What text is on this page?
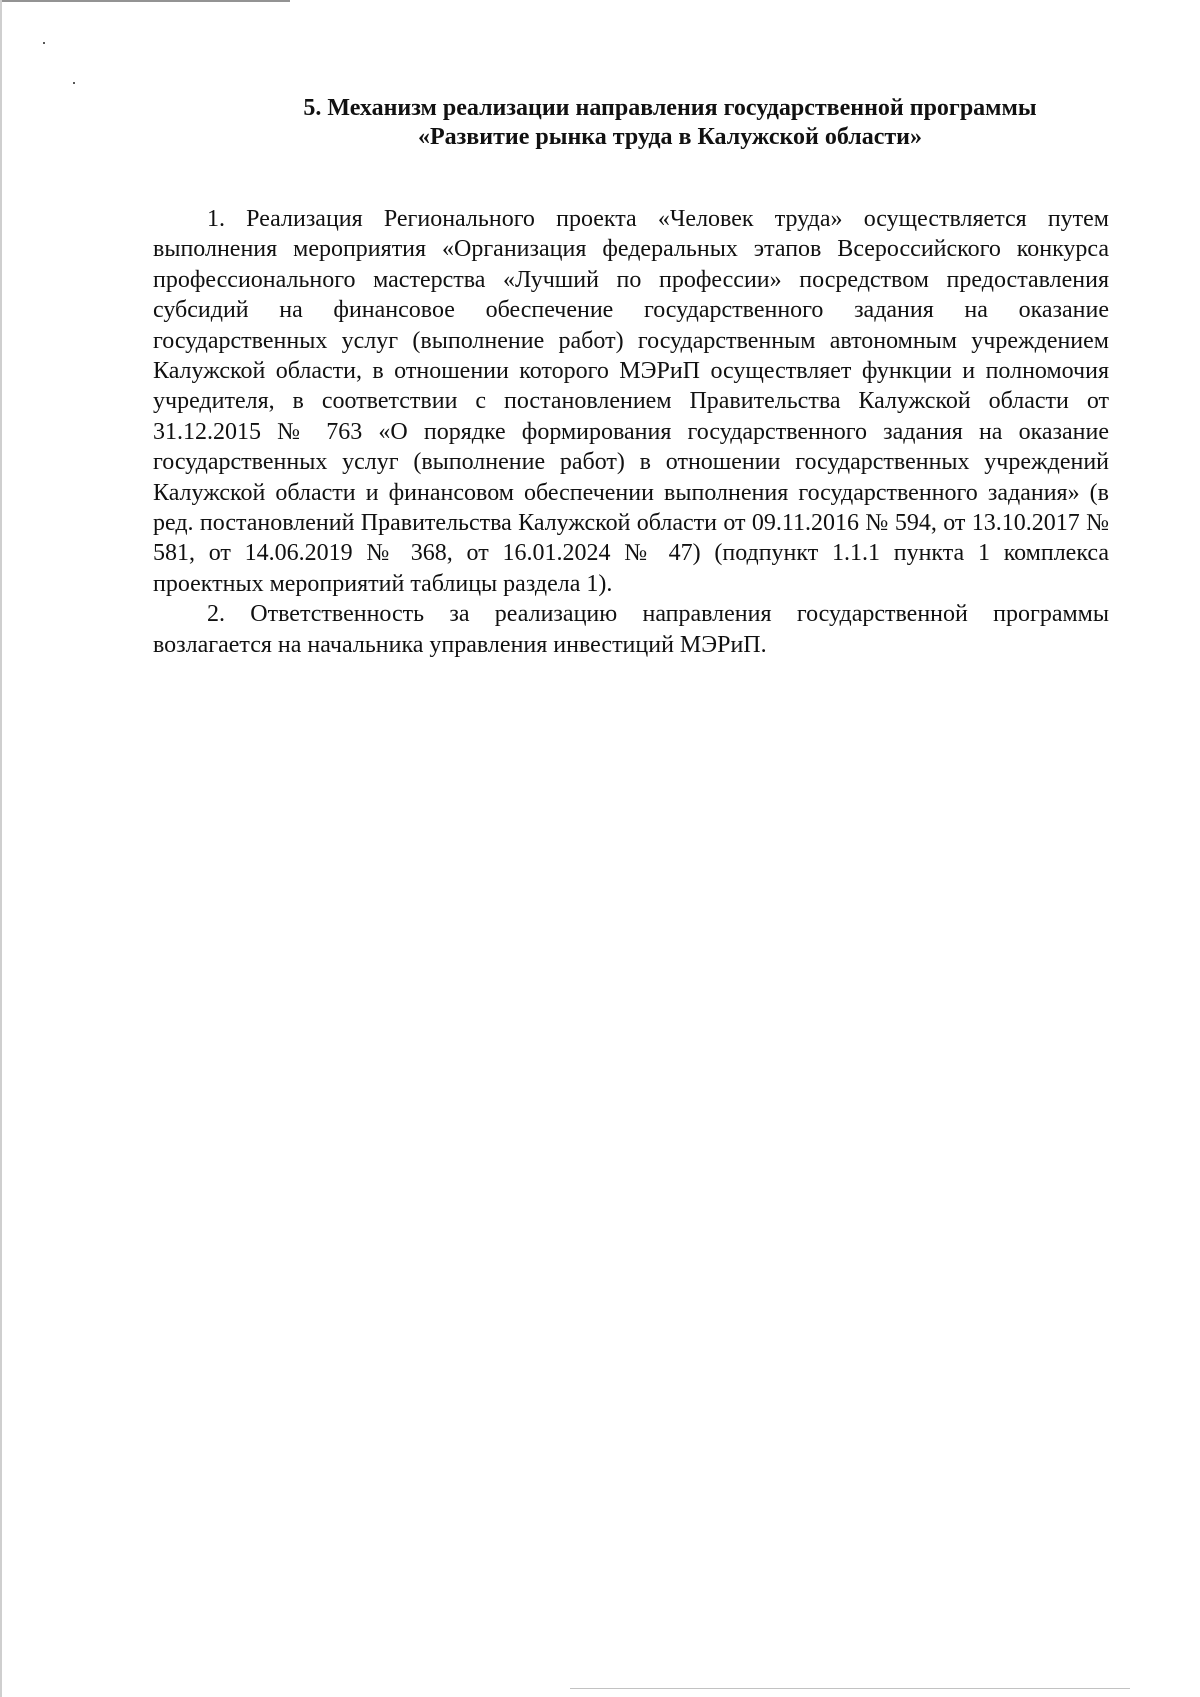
5. Механизм реализации направления государственной программы
«Развитие рынка труда в Калужской области»

1. Реализация Регионального проекта «Человек труда» осуществляется путем выполнения мероприятия «Организация федеральных этапов Всероссийского конкурса профессионального мастерства «Лучший по профессии» посредством предоставления субсидий на финансовое обеспечение государственного задания на оказание государственных услуг (выполнение работ) государственным автономным учреждением Калужской области, в отношении которого МЭРиП осуществляет функции и полномочия учредителя, в соответствии с постановлением Правительства Калужской области от 31.12.2015 № 763 «О порядке формирования государственного задания на оказание государственных услуг (выполнение работ) в отношении государственных учреждений Калужской области и финансовом обеспечении выполнения государственного задания» (в ред. постановлений Правительства Калужской области от 09.11.2016 № 594, от 13.10.2017 № 581, от 14.06.2019 № 368, от 16.01.2024 № 47) (подпункт 1.1.1 пункта 1 комплекса проектных мероприятий таблицы раздела 1).

2. Ответственность за реализацию направления государственной программы возлагается на начальника управления инвестиций МЭРиП.
